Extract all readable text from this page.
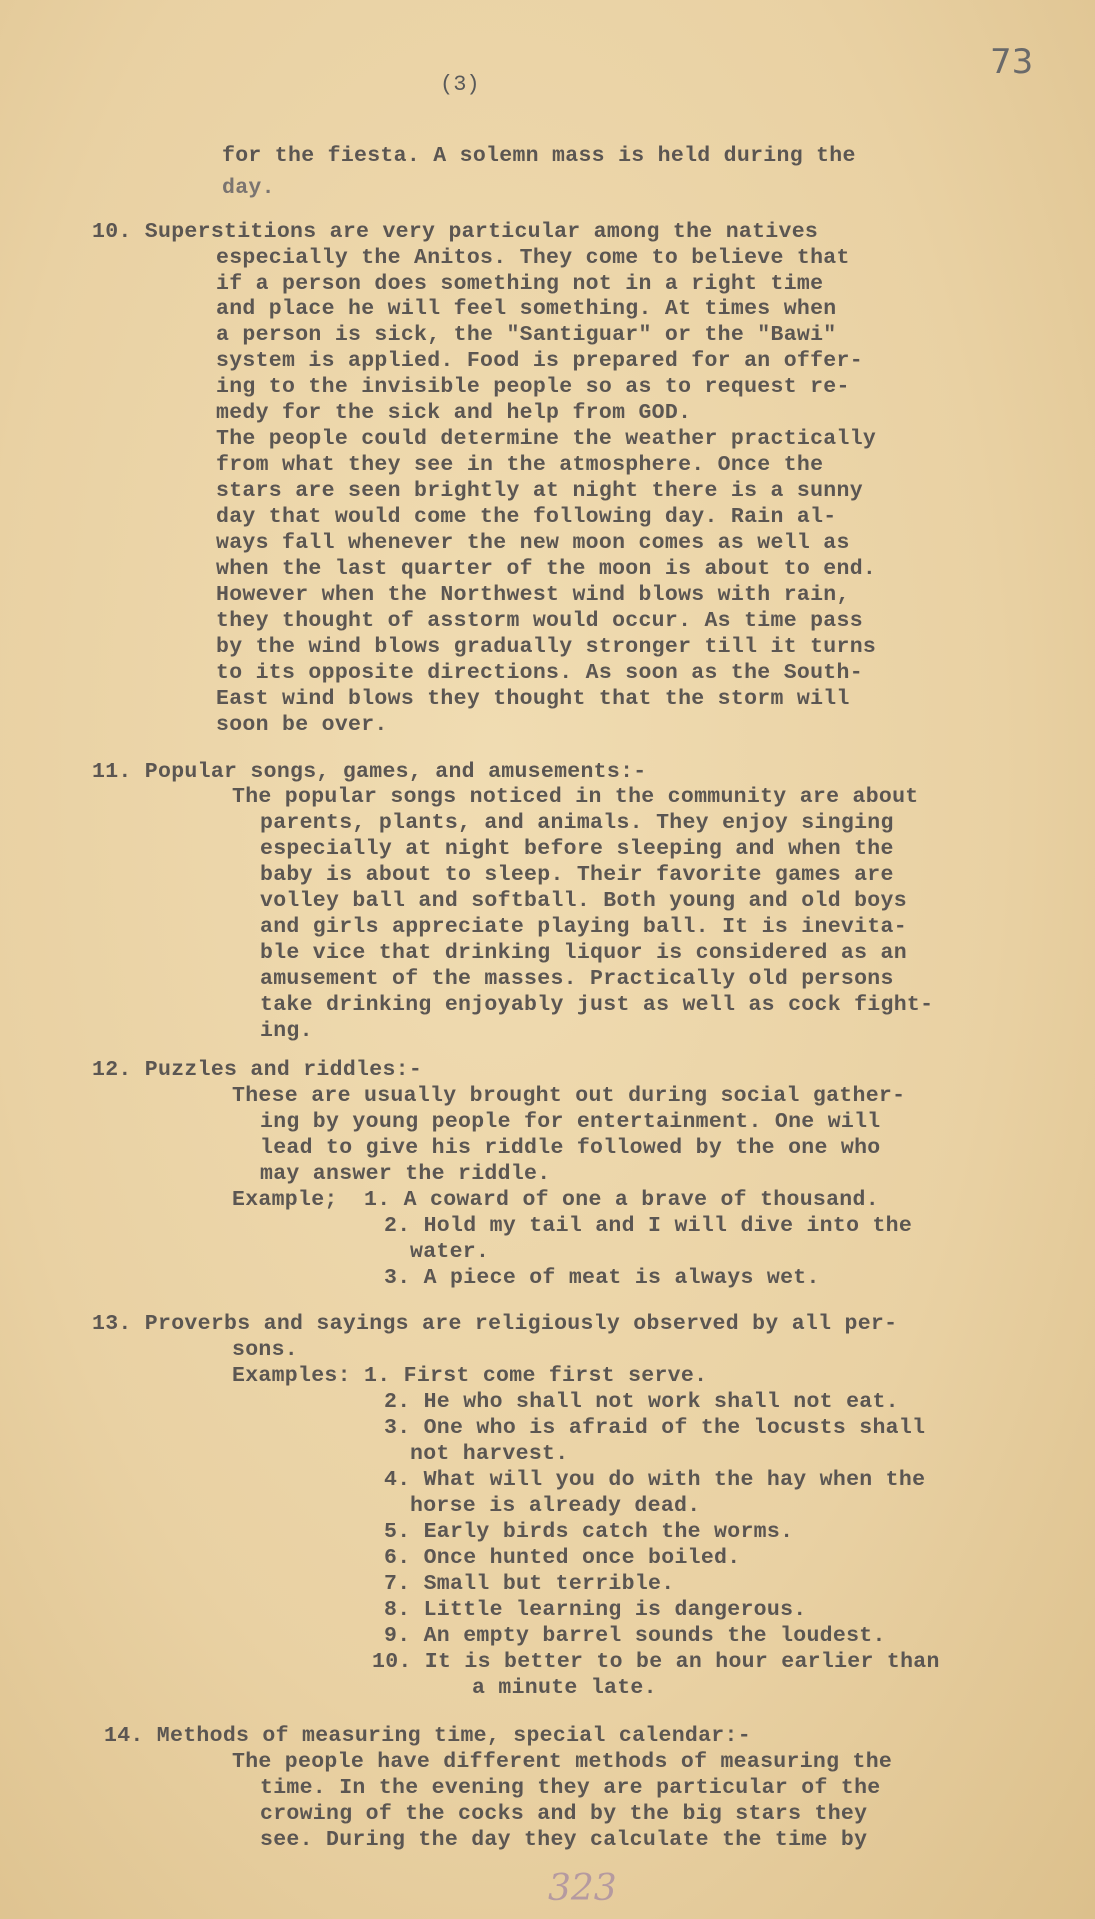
73
(3)
for the fiesta. A solemn mass is held during the
day.
10. Superstitions are very particular among the natives
especially the Anitos. They come to believe that
if a person does something not in a right time
and place he will feel something. At times when
a person is sick, the "Santiguar" or the "Bawi"
system is applied. Food is prepared for an offer-
ing to the invisible people so as to request re-
medy for the sick and help from GOD.
The people could determine the weather practically
from what they see in the atmosphere. Once the
stars are seen brightly at night there is a sunny
day that would come the following day. Rain al-
ways fall whenever the new moon comes as well as
when the last quarter of the moon is about to end.
However when the Northwest wind blows with rain,
they thought of asstorm would occur. As time pass
by the wind blows gradually stronger till it turns
to its opposite directions. As soon as the South-
East wind blows they thought that the storm will
soon be over.
11. Popular songs, games, and amusements:-
The popular songs noticed in the community are about
parents, plants, and animals. They enjoy singing
especially at night before sleeping and when the
baby is about to sleep. Their favorite games are
volley ball and softball. Both young and old boys
and girls appreciate playing ball. It is inevita-
ble vice that drinking liquor is considered as an
amusement of the masses. Practically old persons
take drinking enjoyably just as well as cock fight-
ing.
12. Puzzles and riddles:-
These are usually brought out during social gather-
ing by young people for entertainment. One will
lead to give his riddle followed by the one who
may answer the riddle.
Example;  1. A coward of one a brave of thousand.
2. Hold my tail and I will dive into the
water.
3. A piece of meat is always wet.
13. Proverbs and sayings are religiously observed by all per-
sons.
Examples: 1. First come first serve.
2. He who shall not work shall not eat.
3. One who is afraid of the locusts shall
not harvest.
4. What will you do with the hay when the
horse is already dead.
5. Early birds catch the worms.
6. Once hunted once boiled.
7. Small but terrible.
8. Little learning is dangerous.
9. An empty barrel sounds the loudest.
10. It is better to be an hour earlier than
a minute late.
14. Methods of measuring time, special calendar:-
The people have different methods of measuring the
time. In the evening they are particular of the
crowing of the cocks and by the big stars they
see. During the day they calculate the time by
323
